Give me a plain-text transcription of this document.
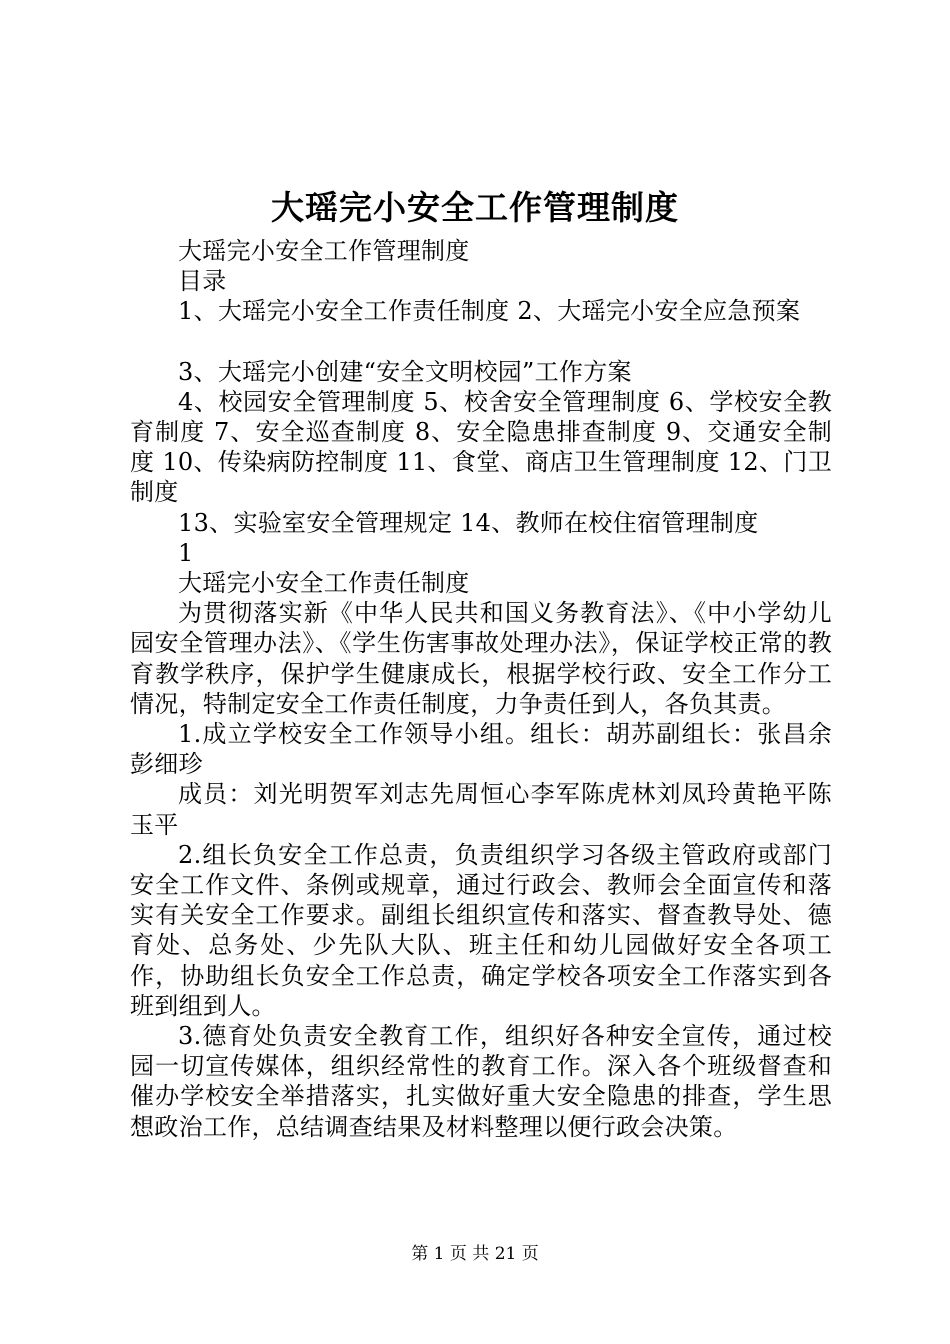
大瑶完小安全工作管理制度

大瑶完小安全工作管理制度

目录

1、大瑶完小安全工作责任制度 2、大瑶完小安全应急预案

3、大瑶完小创建“安全文明校园”工作方案

4、校园安全管理制度 5、校舍安全管理制度 6、学校安全教育制度 7、安全巡查制度 8、安全隐患排查制度 9、交通安全制度 10、传染病防控制度 11、食堂、商店卫生管理制度 12、门卫制度

13、实验室安全管理规定 14、教师在校住宿管理制度

1

大瑶完小安全工作责任制度

为贯彻落实新《中华人民共和国义务教育法》、《中小学幼儿园安全管理办法》、《学生伤害事故处理办法》，保证学校正常的教育教学秩序，保护学生健康成长，根据学校行政、安全工作分工情况，特制定安全工作责任制度，力争责任到人，各负其责。

1.成立学校安全工作领导小组。组长：胡苏副组长：张昌余彭细珍

成员：刘光明贺军刘志先周恒心李军陈虎林刘凤玲黄艳平陈玉平

2.组长负安全工作总责，负责组织学习各级主管政府或部门安全工作文件、条例或规章，通过行政会、教师会全面宣传和落实有关安全工作要求。副组长组织宣传和落实、督查教导处、德育处、总务处、少先队大队、班主任和幼儿园做好安全各项工作，协助组长负安全工作总责，确定学校各项安全工作落实到各班到组到人。

3.德育处负责安全教育工作，组织好各种安全宣传，通过校园一切宣传媒体，组织经常性的教育工作。深入各个班级督查和催办学校安全举措落实，扎实做好重大安全隐患的排查，学生思想政治工作，总结调查结果及材料整理以便行政会决策。

第 1 页 共 21 页
